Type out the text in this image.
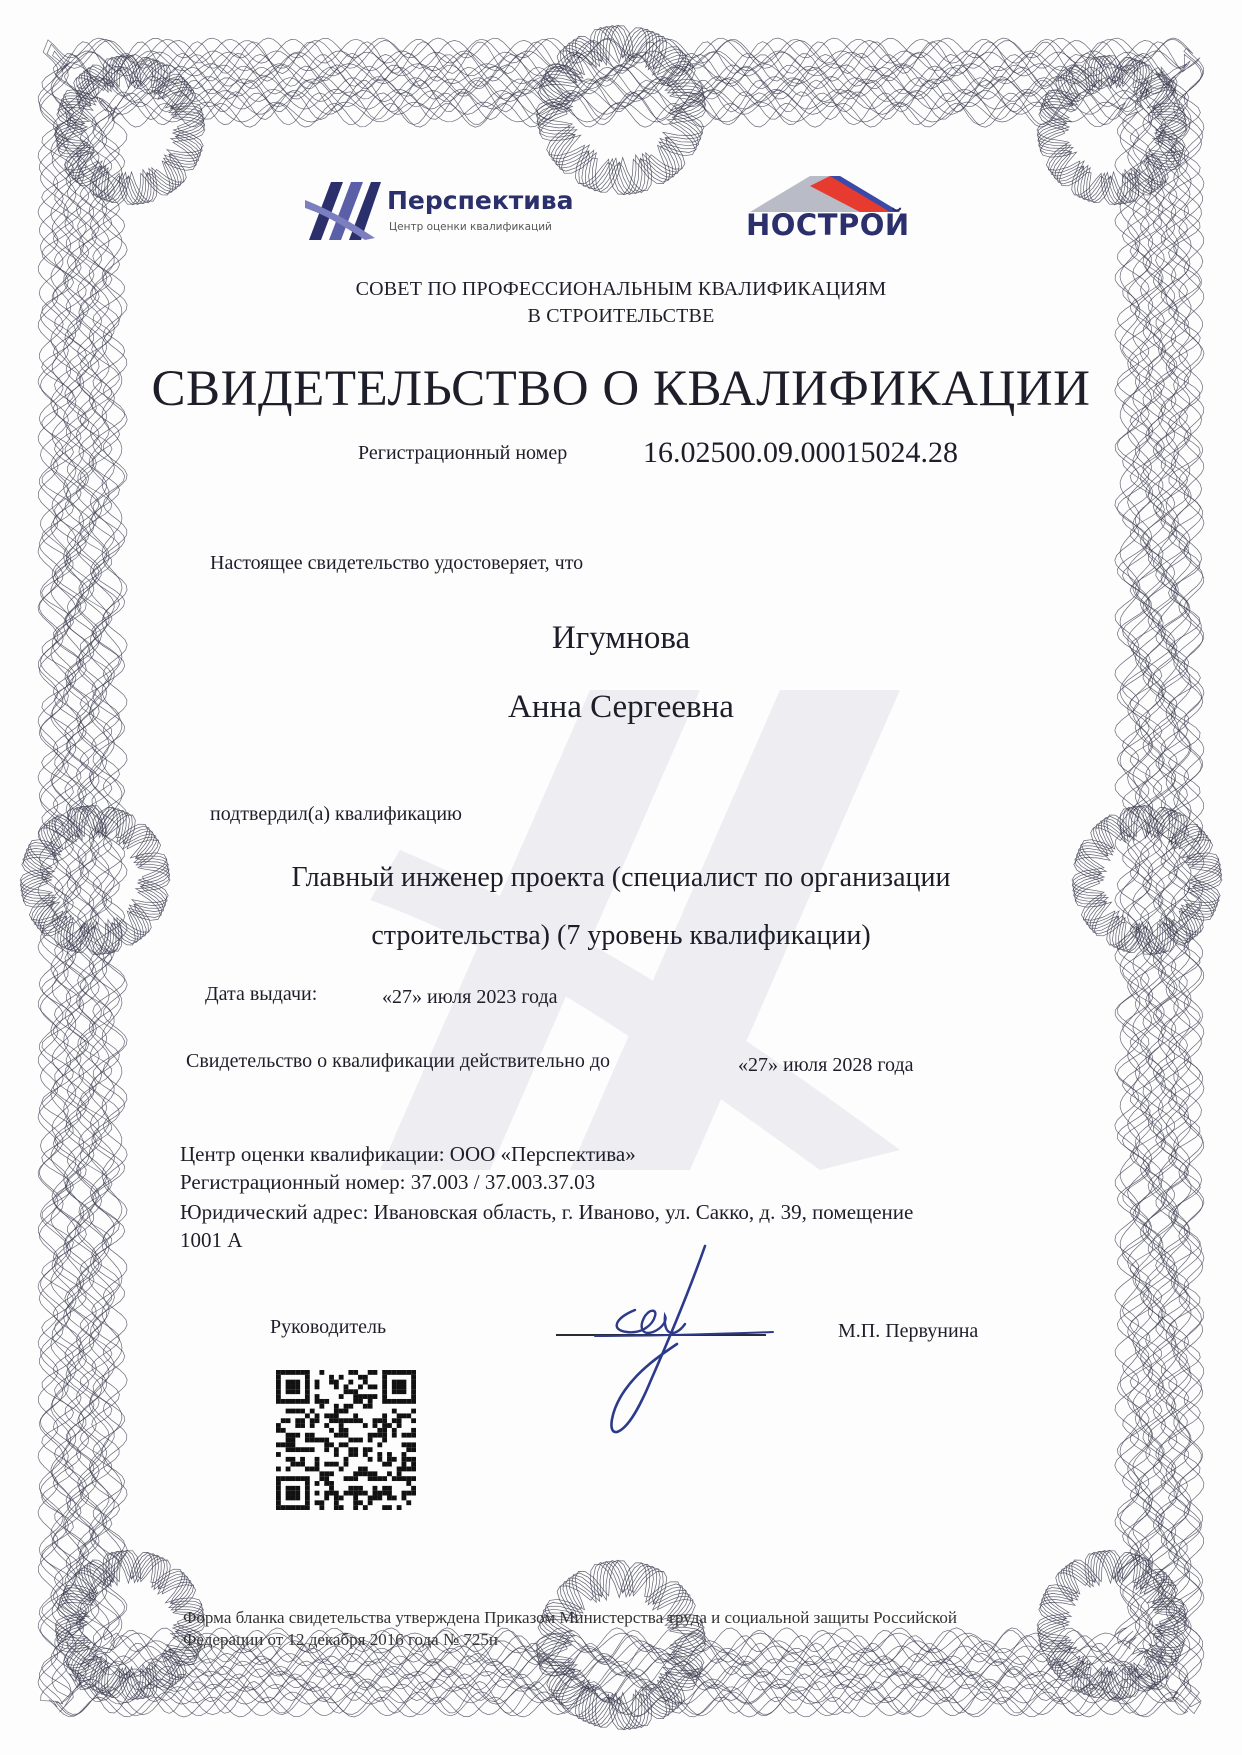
Перспектива
Центр оценки квалификаций	НОСТРОЙ
СОВЕТ ПО ПРОФЕССИОНАЛЬНЫМ КВАЛИФИКАЦИЯМ
В СТРОИТЕЛЬСТВЕ
СВИДЕТЕЛЬСТВО О КВАЛИФИКАЦИИ
Регистрационный номер	16.02500.09.00015024.28
Настоящее свидетельство удостоверяет, что
Игумнова
Анна Сергеевна
подтвердил(а) квалификацию
Главный инженер проекта (специалист по организации
строительства) (7 уровень квалификации)
Дата выдачи:	«27» июля 2023 года
Свидетельство о квалификации действительно до	«27» июля 2028 года
Центр оценки квалификации: ООО «Перспектива»
Регистрационный номер: 37.003 / 37.003.37.03
Юридический адрес: Ивановская область, г. Иваново, ул. Сакко, д. 39, помещение
1001 А
Руководитель	М.П. Первунина
Форма бланка свидетельства утверждена Приказом Министерства труда и социальной защиты Российской
Федерации от 12 декабря 2016 года № 725н
